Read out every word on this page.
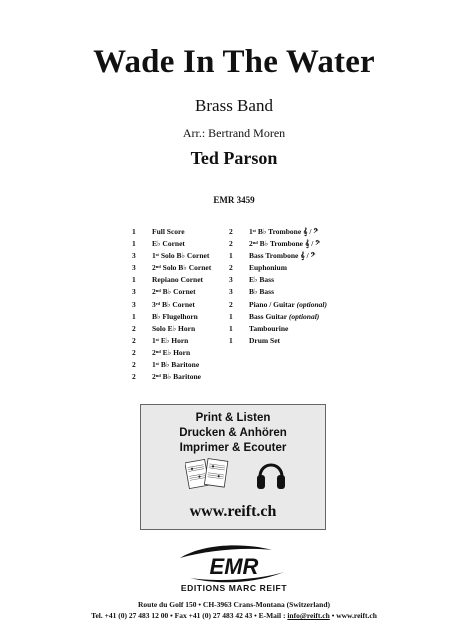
Wade In The Water
Brass Band
Arr.: Bertrand Moren
Ted Parson
EMR 3459
1	Full Score
1	E♭ Cornet
3	1ˢᵗ Solo B♭ Cornet
3	2ⁿᵈ Solo B♭ Cornet
1	Repiano Cornet
3	2ⁿᵈ B♭ Cornet
3	3ʳᵈ B♭ Cornet
1	B♭ Flugelhorn
2	Solo E♭ Horn
2	1ˢᵗ E♭ Horn
2	2ⁿᵈ E♭ Horn
2	1ˢᵗ B♭ Baritone
2	2ⁿᵈ B♭ Baritone
2	1ˢᵗ B♭ Trombone 𝄞 / 𝄢
2	2ⁿᵈ B♭ Trombone 𝄞 / 𝄢
1	Bass Trombone 𝄞 / 𝄢
2	Euphonium
3	E♭ Bass
3	B♭ Bass
2	Piano / Guitar (optional)
1	Bass Guitar (optional)
1	Tambourine
1	Drum Set
Print & Listen
Drucken & Anhören
Imprimer & Ecouter
www.reift.ch
EMR
EDITIONS MARC REIFT
Route du Golf 150 • CH-3963 Crans-Montana (Switzerland)
Tel. +41 (0) 27 483 12 00 • Fax +41 (0) 27 483 42 43 • E-Mail : info@reift.ch • www.reift.ch
